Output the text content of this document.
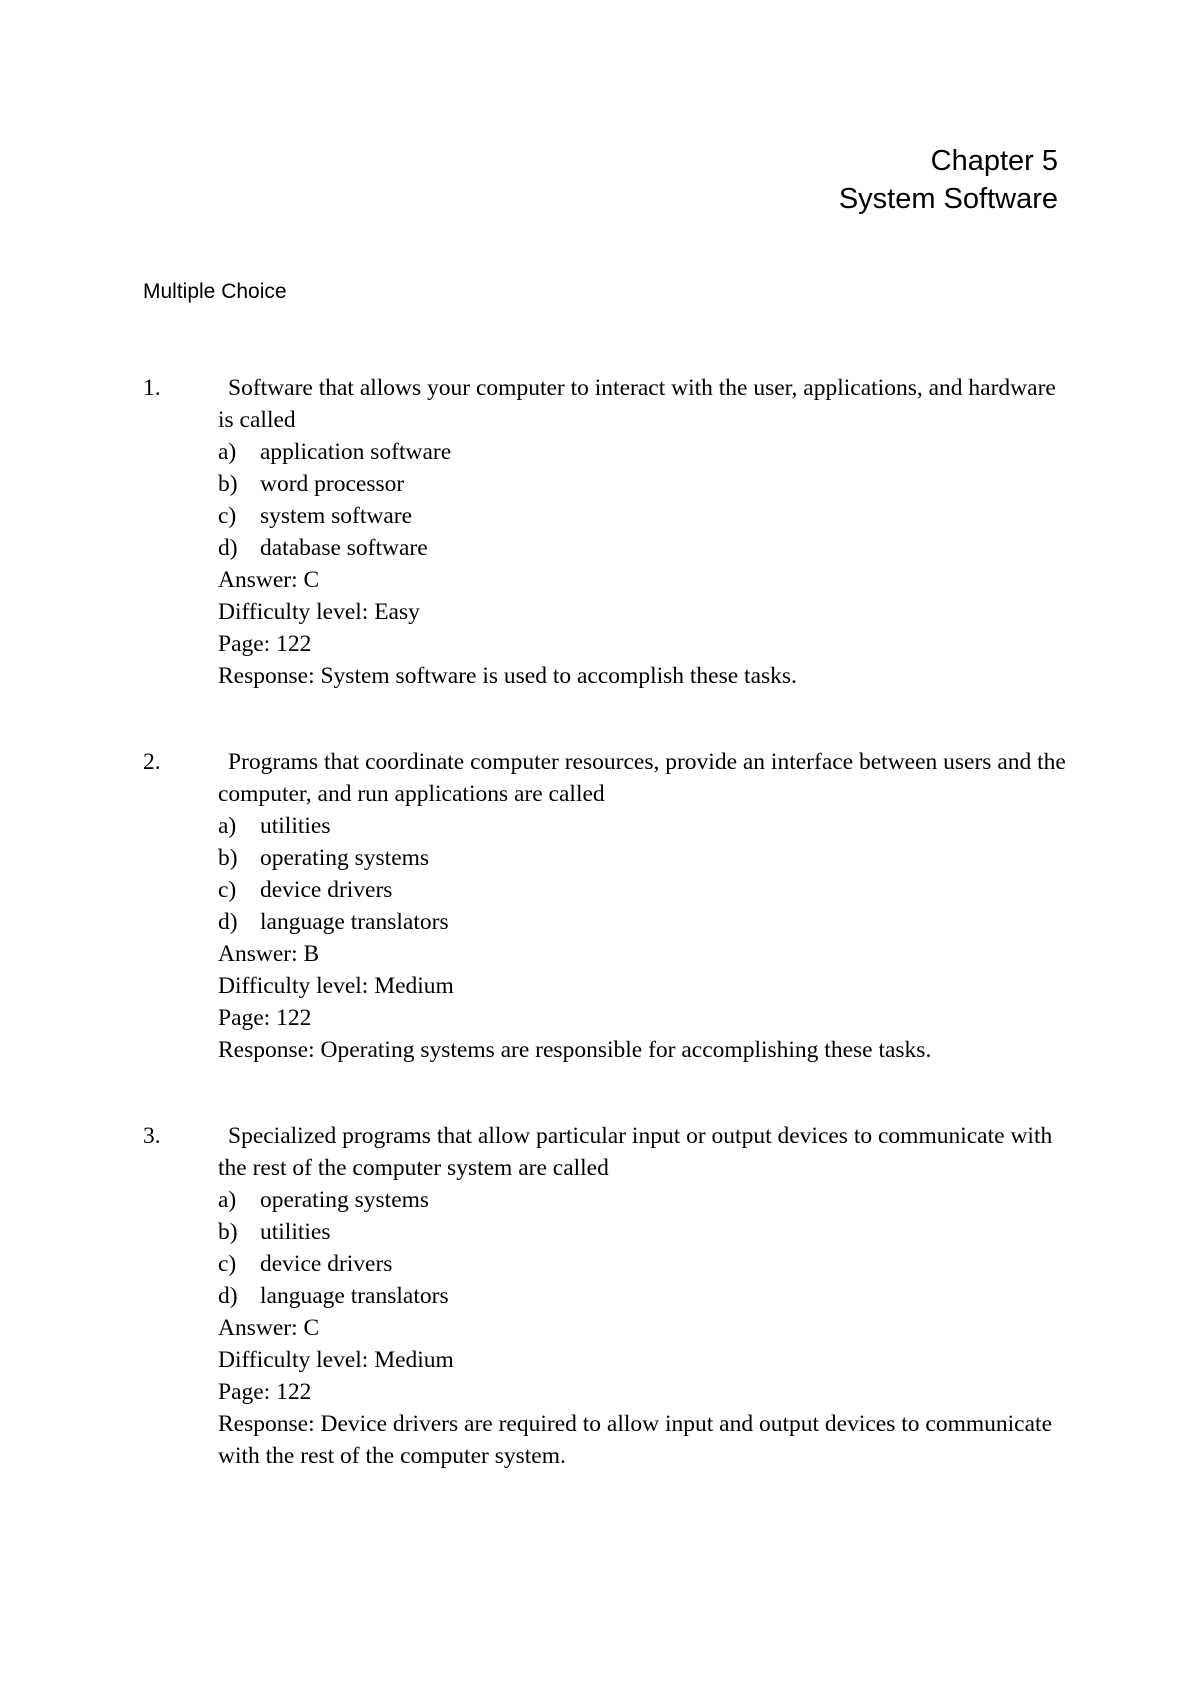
Chapter 5
System Software
Multiple Choice
1.	Software that allows your computer to interact with the user, applications, and hardware is called
a) application software
b) word processor
c) system software
d) database software
Answer: C
Difficulty level: Easy
Page: 122
Response: System software is used to accomplish these tasks.
2.	Programs that coordinate computer resources, provide an interface between users and the computer, and run applications are called
a) utilities
b) operating systems
c) device drivers
d) language translators
Answer: B
Difficulty level: Medium
Page: 122
Response: Operating systems are responsible for accomplishing these tasks.
3.	Specialized programs that allow particular input or output devices to communicate with the rest of the computer system are called
a) operating systems
b) utilities
c) device drivers
d) language translators
Answer: C
Difficulty level: Medium
Page: 122
Response: Device drivers are required to allow input and output devices to communicate with the rest of the computer system.
